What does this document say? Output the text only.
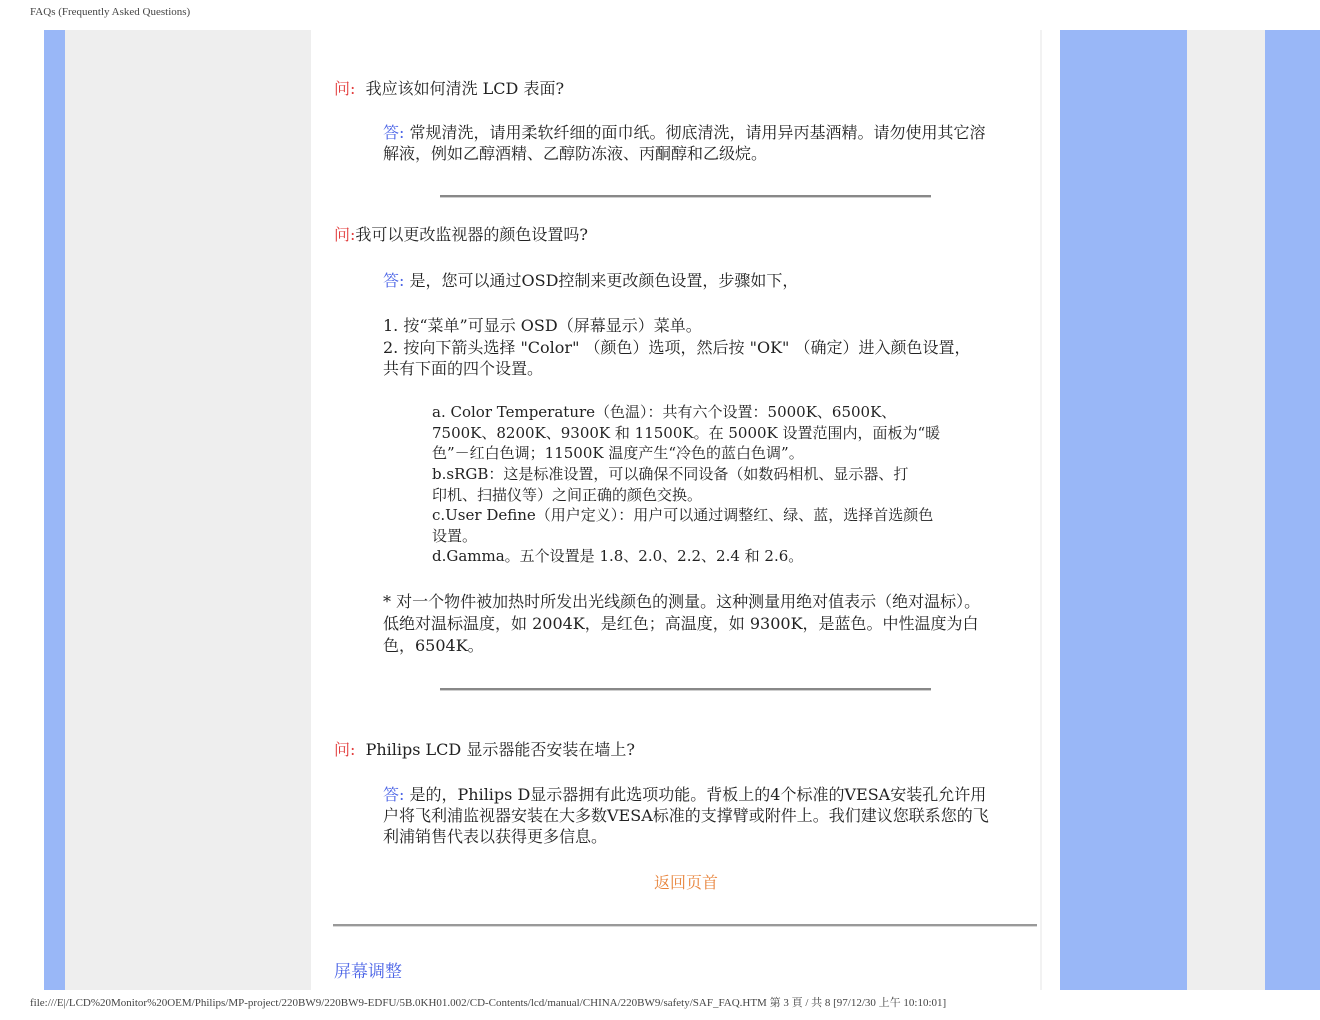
FAQs (Frequently Asked Questions)
问: 我应该如何清洗 LCD 表面?
答: 常规清洗，请用柔软纤细的面巾纸。彻底清洗，请用异丙基酒精。请勿使用其它溶解液，例如乙醇酒精、乙醇防冻液、丙酮醇和乙级烷。
问:我可以更改监视器的颜色设置吗?
答: 是，您可以通过OSD控制来更改颜色设置，步骤如下，
1. 按“菜单”可显示 OSD（屏幕显示）菜单。
2. 按向下箭头选择 "Color" （颜色）选项，然后按 "OK" （确定）进入颜色设置，共有下面的四个设置。
a. Color Temperature（色温）：共有六个设置：5000K、6500K、7500K、8200K、9300K 和 11500K。在 5000K 设置范围内，面板为“暖色”－红白色调；11500K 温度产生“冷色的蓝白色调”。
b.sRGB：这是标准设置，可以确保不同设备（如数码相机、显示器、打印机、扫描仪等）之间正确的颜色交换。
c.User Define（用户定义）：用户可以通过调整红、绿、蓝，选择首选颜色设置。
d.Gamma。五个设置是 1.8、2.0、2.2、2.4 和 2.6。
* 对一个物件被加热时所发出光线颜色的测量。这种测量用绝对值表示（绝对温标）。低绝对温标温度，如 2004K，是红色；高温度，如 9300K，是蓝色。中性温度为白色，6504K。
问: Philips LCD 显示器能否安装在墙上?
答: 是的，Philips D显示器拥有此选项功能。背板上的4个标准的VESA安装孔允许用户将飞利浦监视器安装在大多数VESA标准的支撑臂或附件上。我们建议您联系您的飞利浦销售代表以获得更多信息。
返回页首
屏幕调整
file:///E|/LCD%20Monitor%20OEM/Philips/MP-project/220BW9/220BW9-EDFU/5B.0KH01.002/CD-Contents/lcd/manual/CHINA/220BW9/safety/SAF_FAQ.HTM 第 3 頁 / 共 8 [97/12/30 上午 10:10:01]
